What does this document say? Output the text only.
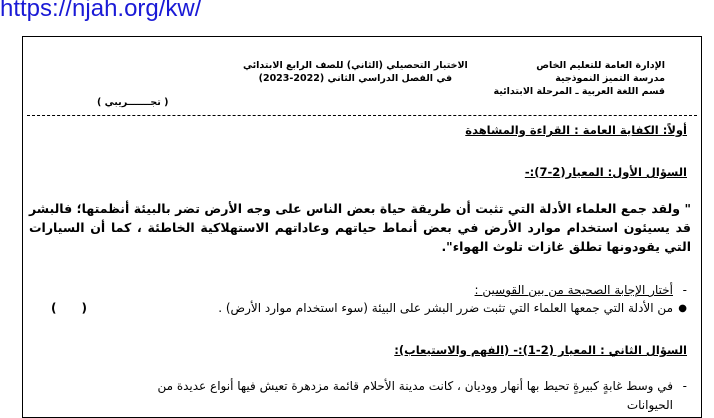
https://njah.org/kw/
الإدارة العامة للتعليم الخاص
مدرسة التميز النموذجية
قسم اللغة العربية ـ المرحلة الابتدائية
الاختبار التحصيلي (الثاني) للصف الرابع الابتدائي
في الفصل الدراسي الثاني (2022-2023)
( تجـــــــريبي )
أولاً: الكفاية العامة : القراءة والمشاهدة
السؤال الأول: المعيار(2-7):-
" ولقد جمع العلماء الأدلة التي تثبت أن طريقة حياة بعض الناس على وجه الأرض تضر بالبيئة أنظمتها؛ فالبشر قد يسيئون استخدام موارد الأرض في بعض أنماط حياتهم وعاداتهم الاستهلاكية الخاطئة ، كما أن السيارات التي يقودونها تطلق غازات تلوث الهواء".
-
أختار الإجابة الصحيحة من بين القوسين :
●
من الأدلة التي جمعها العلماء التي تثبت ضرر البشر على البيئة (سوء استخدام موارد الأرض) .
(      )
السؤال الثاني : المعيار (2-1):- (الفهم والاستيعاب):
-
في وسط غابةٍ كبيرةٍ تحيط بها أنهار ووديان ، كانت مدينة الأحلام قائمة مزدهرة تعيش فيها أنواع عديدة من
الحيوانات
